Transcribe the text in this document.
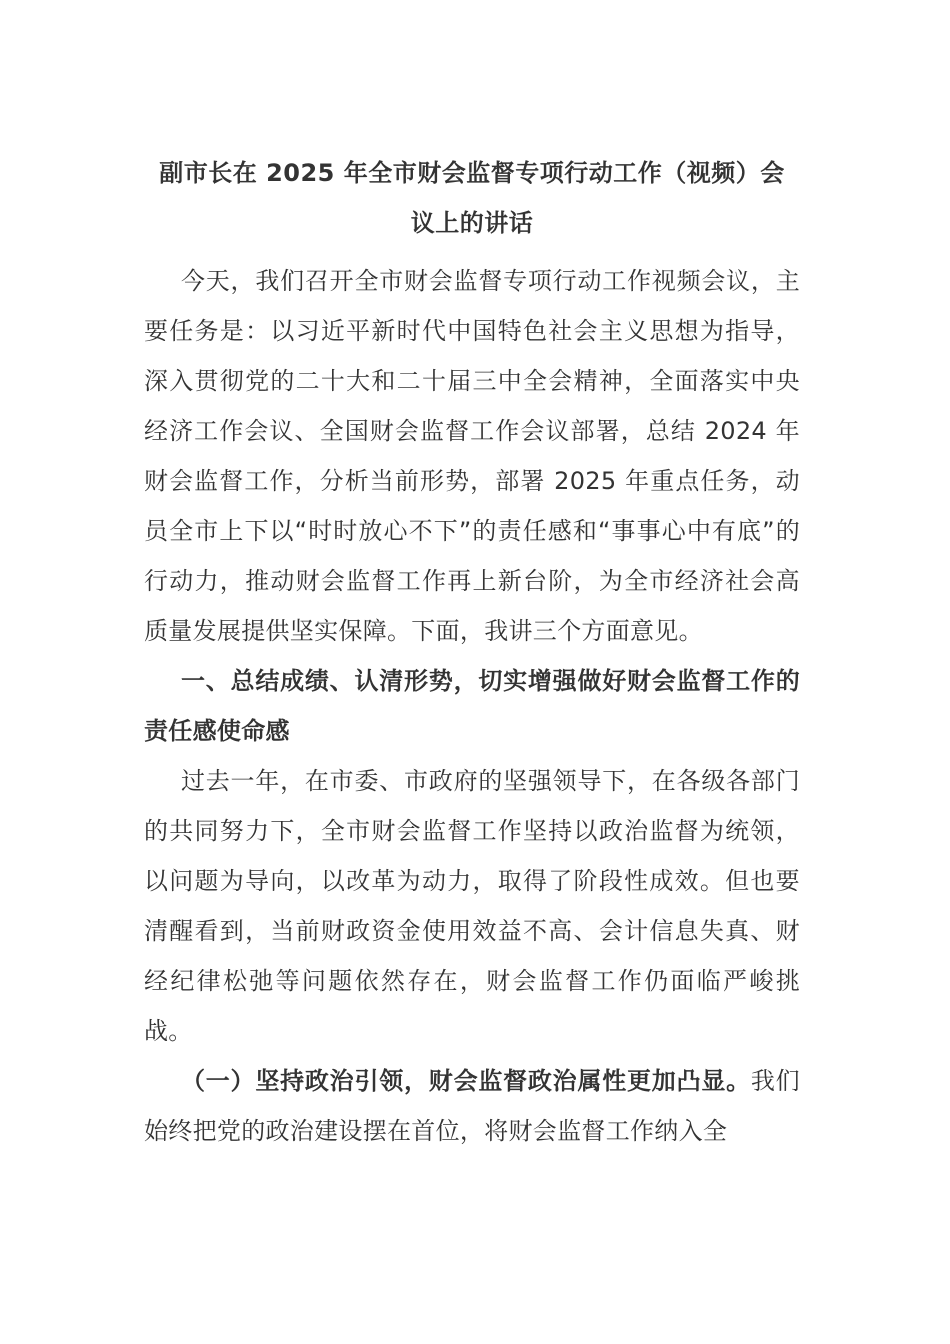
副市长在 2025 年全市财会监督专项行动工作（视频）会
议上的讲话

今天，我们召开全市财会监督专项行动工作视频会议，主要任务是：以习近平新时代中国特色社会主义思想为指导，深入贯彻党的二十大和二十届三中全会精神，全面落实中央经济工作会议、全国财会监督工作会议部署，总结 2024 年财会监督工作，分析当前形势，部署 2025 年重点任务，动员全市上下以“时时放心不下”的责任感和“事事心中有底”的行动力，推动财会监督工作再上新台阶，为全市经济社会高质量发展提供坚实保障。下面，我讲三个方面意见。

一、总结成绩、认清形势，切实增强做好财会监督工作的责任感使命感

过去一年，在市委、市政府的坚强领导下，在各级各部门的共同努力下，全市财会监督工作坚持以政治监督为统领，以问题为导向，以改革为动力，取得了阶段性成效。但也要清醒看到，当前财政资金使用效益不高、会计信息失真、财经纪律松弛等问题依然存在，财会监督工作仍面临严峻挑战。

（一）坚持政治引领，财会监督政治属性更加凸显。我们始终把党的政治建设摆在首位，将财会监督工作纳入全
